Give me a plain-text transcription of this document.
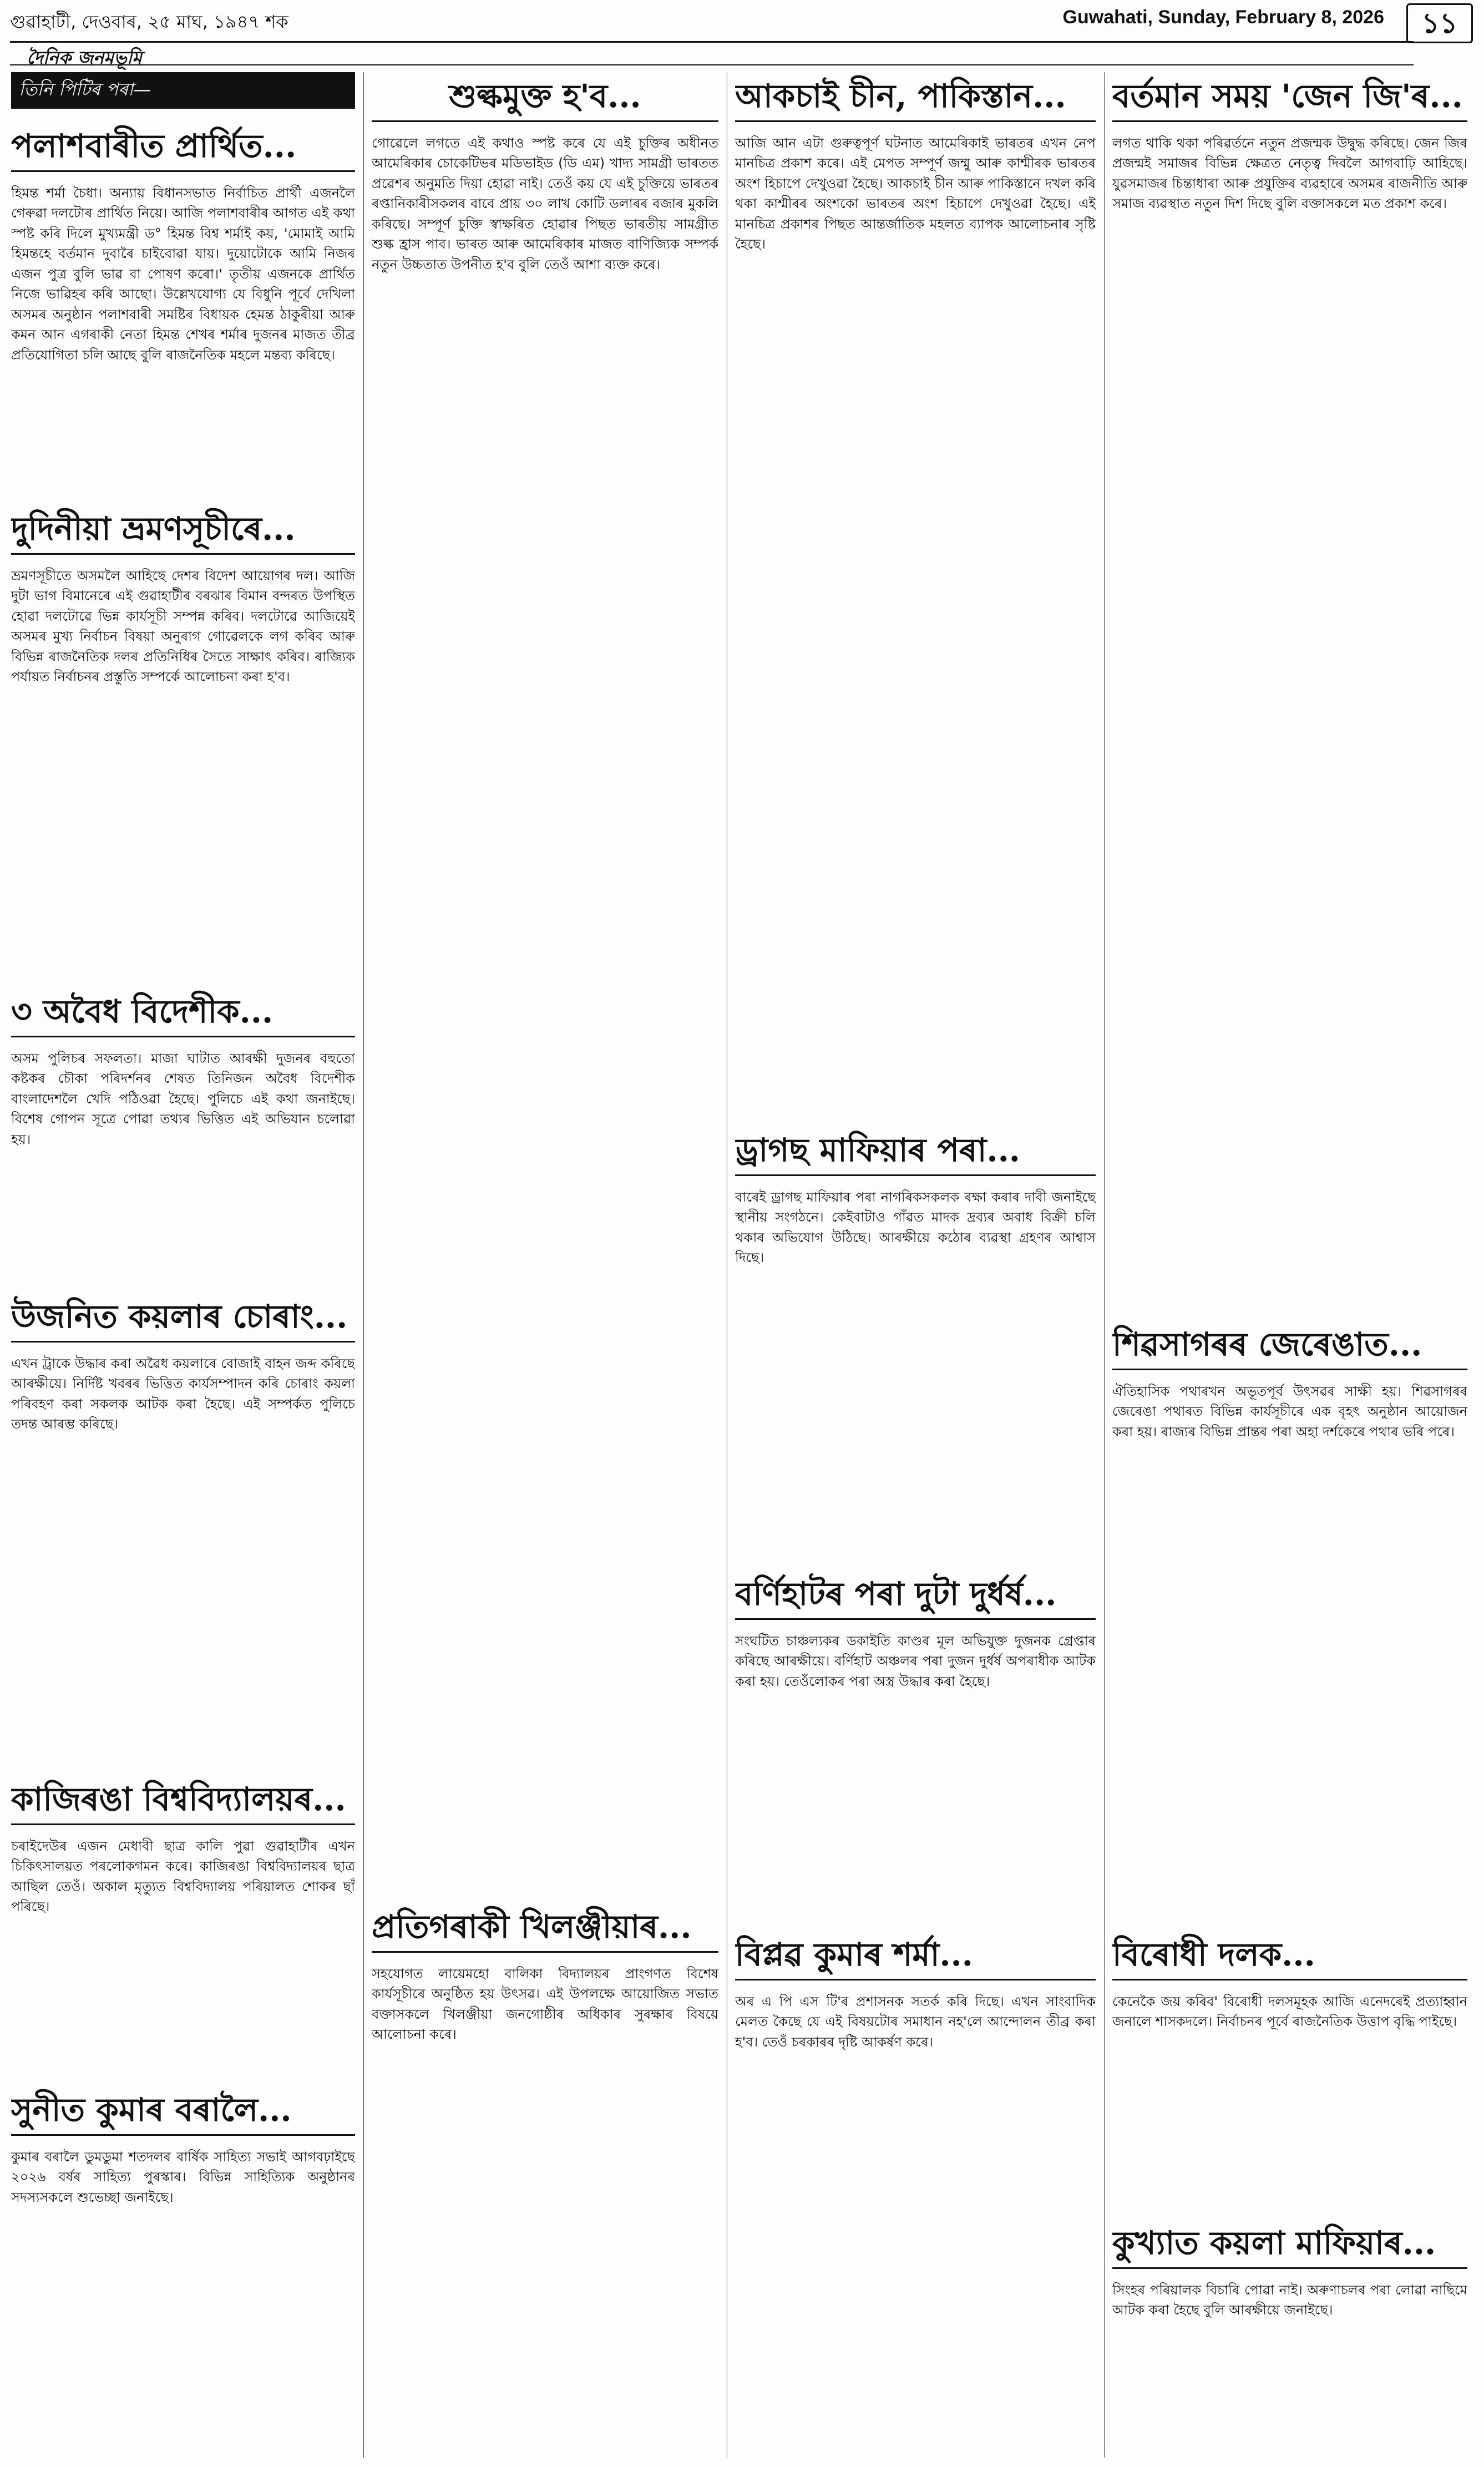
গুৱাহাটী, দেওবাৰ, ২৫ মাঘ, ১৯৪৭ শক	Guwahati, Sunday, February 8, 2026	১১
দৈনিক জনমভূমি
তিনি পিটিৰ পৰা—
পলাশবাৰীত প্ৰাৰ্থিত...
হিমন্ত শৰ্মা চৈধা। অন্যায় বিধানসভাত নিৰ্বাচিত প্ৰাৰ্থী এজনলৈ গেৰুৱা দলটোৰ প্ৰাৰ্থিত নিয়ে। আজি পলাশবাৰীৰ আগত এই কথা স্পষ্ট কৰি দিলে মুখ্যমন্ত্ৰী ড° হিমন্ত বিশ্ব শৰ্মাই কয়, 'মোমাই আমি হিমন্তহে বৰ্তমান দুবাৰৈ চাইবোৱা যায়। দুয়োটোকে আমি নিজৰ এজন পুত্ৰ বুলি ভাৱ বা পোষণ কৰো।' তৃতীয় এজনকে প্ৰাৰ্থিত নিজে ভাৱিহৰ কৰি আছো। উল্লেখযোগ্য যে বিধুনি পূৰ্বে দেখিলা অসমৰ অনুষ্ঠান পলাশবাৰী সমষ্টিৰ বিধায়ক হেমন্ত ঠাকুৰীয়া আৰু কমন আন এগৰাকী নেতা হিমন্ত শেখৰ শৰ্মাৰ দুজনৰ মাজত তীব্ৰ প্ৰতিযোগিতা চলি আছে বুলি ৰাজনৈতিক মহলে মন্তব্য কৰিছে।
দুদিনীয়া ভ্ৰমণসূচীৰে...
ভ্ৰমণসূচীতে অসমলৈ আহিছে দেশৰ বিদেশ আয়োগৰ দল। আজি দুটা ভাগ বিমানেৰে এই গুৱাহাটীৰ বৰঝাৰ বিমান বন্দৰত উপস্থিত হোৱা দলটোৱে ভিন্ন কাৰ্যসূচী সম্পন্ন কৰিব। দলটোৱে আজিয়েই অসমৰ মুখ্য নিৰ্বাচন বিষয়া অনুৰাগ গোৱেলকে লগ কৰিব আৰু বিভিন্ন ৰাজনৈতিক দলৰ প্ৰতিনিধিৰ সৈতে সাক্ষাৎ কৰিব। ৰাজ্যিক পৰ্যায়ত নিৰ্বাচনৰ প্ৰস্তুতি সম্পৰ্কে আলোচনা কৰা হ'ব।
৩ অবৈধ বিদেশীক...
অসম পুলিচৰ সফলতা। মাজা ঘাটাত আৰক্ষী দুজনৰ বহুতো কষ্টকৰ চৌকা পৰিদৰ্শনৰ শেষত তিনিজন অবৈধ বিদেশীক বাংলাদেশলৈ খেদি পঠিওৱা হৈছে। পুলিচে এই কথা জনাইছে। বিশেষ গোপন সূত্ৰে পোৱা তথ্যৰ ভিত্তিত এই অভিযান চলোৱা হয়।
উজনিত কয়লাৰ চোৰাং...
এখন ট্ৰাকে উদ্ধাৰ কৰা অৱৈধ কয়লাৰে বোজাই বাহন জব্দ কৰিছে আৰক্ষীয়ে। নিৰ্দিষ্ট খবৰৰ ভিত্তিত কাৰ্যসম্পাদন কৰি চোৰাং কয়লা পৰিবহণ কৰা সকলক আটক কৰা হৈছে। এই সম্পৰ্কত পুলিচে তদন্ত আৰম্ভ কৰিছে।
কাজিৰঙা বিশ্ববিদ্যালয়ৰ...
চৰাইদেউৰ এজন মেধাবী ছাত্ৰ কালি পুৱা গুৱাহাটীৰ এখন চিকিৎসালয়ত পৰলোকগমন কৰে। কাজিৰঙা বিশ্ববিদ্যালয়ৰ ছাত্ৰ আছিল তেওঁ। অকাল মৃত্যুত বিশ্ববিদ্যালয় পৰিয়ালত শোকৰ ছাঁ পৰিছে।
সুনীত কুমাৰ বৰালৈ...
কুমাৰ বৰালৈ ডুমডুমা শতদলৰ বাৰ্ষিক সাহিত্য সভাই আগবঢ়াইছে ২০২৬ বৰ্ষৰ সাহিত্য পুৰস্কাৰ। বিভিন্ন সাহিত্যিক অনুষ্ঠানৰ সদস্যসকলে শুভেচ্ছা জনাইছে।
শুল্কমুক্ত হ'ব...
গোৱেলে লগতে এই কথাও স্পষ্ট কৰে যে এই চুক্তিৰ অধীনত আমেৰিকাৰ চোকেটিভৰ মডিভাইড (ডি এম) খাদ্য সামগ্ৰী ভাৰতত প্ৰৱেশৰ অনুমতি দিয়া হোৱা নাই। তেওঁ কয় যে এই চুক্তিয়ে ভাৰতৰ ৰপ্তানিকাৰীসকলৰ বাবে প্ৰায় ৩০ লাখ কোটি ডলাৰৰ বজাৰ মুকলি কৰিছে। সম্পূৰ্ণ চুক্তি স্বাক্ষৰিত হোৱাৰ পিছত ভাৰতীয় সামগ্ৰীত শুল্ক হ্ৰাস পাব। ভাৰত আৰু আমেৰিকাৰ মাজত বাণিজ্যিক সম্পৰ্ক নতুন উচ্চতাত উপনীত হ'ব বুলি তেওঁ আশা ব্যক্ত কৰে।
প্ৰতিগৰাকী খিলঞ্জীয়াৰ...
সহযোগত লায়েমহো বালিকা বিদ্যালয়ৰ প্ৰাংগণত বিশেষ কাৰ্যসূচীৰে অনুষ্ঠিত হয় উৎসৱ। এই উপলক্ষে আয়োজিত সভাত বক্তাসকলে খিলঞ্জীয়া জনগোষ্ঠীৰ অধিকাৰ সুৰক্ষাৰ বিষয়ে আলোচনা কৰে।
আকচাই চীন, পাকিস্তান...
আজি আন এটা গুৰুত্বপূৰ্ণ ঘটনাত আমেৰিকাই ভাৰতৰ এখন নেপ মানচিত্ৰ প্ৰকাশ কৰে। এই মেপত সম্পূৰ্ণ জম্মু আৰু কাশ্মীৰক ভাৰতৰ অংশ হিচাপে দেখুওৱা হৈছে। আকচাই চীন আৰু পাকিস্তানে দখল কৰি থকা কাশ্মীৰৰ অংশকো ভাৰতৰ অংশ হিচাপে দেখুওৱা হৈছে। এই মানচিত্ৰ প্ৰকাশৰ পিছত আন্তৰ্জাতিক মহলত ব্যাপক আলোচনাৰ সৃষ্টি হৈছে।
ড্ৰাগছ মাফিয়াৰ পৰা...
বাৰেই ড্ৰাগছ মাফিয়াৰ পৰা নাগৰিকসকলক ৰক্ষা কৰাৰ দাবী জনাইছে স্থানীয় সংগঠনে। কেইবাটাও গাঁৱত মাদক দ্ৰব্যৰ অবাধ বিক্ৰী চলি থকাৰ অভিযোগ উঠিছে। আৰক্ষীয়ে কঠোৰ ব্যৱস্থা গ্ৰহণৰ আশ্বাস দিছে।
বৰ্ণিহাটৰ পৰা দুটা দুৰ্ধৰ্ষ...
সংঘটিত চাঞ্চল্যকৰ ডকাইতি কাণ্ডৰ মূল অভিযুক্ত দুজনক গ্ৰেপ্তাৰ কৰিছে আৰক্ষীয়ে। বৰ্ণিহাট অঞ্চলৰ পৰা দুজন দুৰ্ধৰ্ষ অপৰাধীক আটক কৰা হয়। তেওঁলোকৰ পৰা অস্ত্ৰ উদ্ধাৰ কৰা হৈছে।
বিপ্লৱ কুমাৰ শৰ্মা...
অৰ এ পি এস টি'ৰ প্ৰশাসনক সতৰ্ক কৰি দিছে। এখন সাংবাদিক মেলত কৈছে যে এই বিষয়টোৰ সমাধান নহ'লে আন্দোলন তীব্ৰ কৰা হ'ব। তেওঁ চৰকাৰৰ দৃষ্টি আকৰ্ষণ কৰে।
বৰ্তমান সময় 'জেন জি'ৰ...
লগত থাকি থকা পৰিৱৰ্তনে নতুন প্ৰজন্মক উদ্বুদ্ধ কৰিছে। জেন জিৰ প্ৰজন্মই সমাজৰ বিভিন্ন ক্ষেত্ৰত নেতৃত্ব দিবলৈ আগবাঢ়ি আহিছে। যুৱসমাজৰ চিন্তাধাৰা আৰু প্ৰযুক্তিৰ ব্যৱহাৰে অসমৰ ৰাজনীতি আৰু সমাজ ব্যৱস্থাত নতুন দিশ দিছে বুলি বক্তাসকলে মত প্ৰকাশ কৰে।
শিৱসাগৰৰ জেৰেঙাত...
ঐতিহাসিক পথাৰখন অভূতপূৰ্ব উৎসৱৰ সাক্ষী হয়। শিৱসাগৰৰ জেৰেঙা পথাৰত বিভিন্ন কাৰ্যসূচীৰে এক বৃহৎ অনুষ্ঠান আয়োজন কৰা হয়। ৰাজ্যৰ বিভিন্ন প্ৰান্তৰ পৰা অহা দৰ্শকেৰে পথাৰ ভৰি পৰে।
বিৰোধী দলক...
কেনেকৈ জয় কৰিব' বিৰোধী দলসমূহক আজি এনেদৰেই প্ৰত্যাহ্বান জনালে শাসকদলে। নিৰ্বাচনৰ পূৰ্বে ৰাজনৈতিক উত্তাপ বৃদ্ধি পাইছে।
কুখ্যাত কয়লা মাফিয়াৰ...
সিংহৰ পৰিয়ালক বিচাৰি পোৱা নাই। অৰুণাচলৰ পৰা লোৱা নাছিমে আটক কৰা হৈছে বুলি আৰক্ষীয়ে জনাইছে।
